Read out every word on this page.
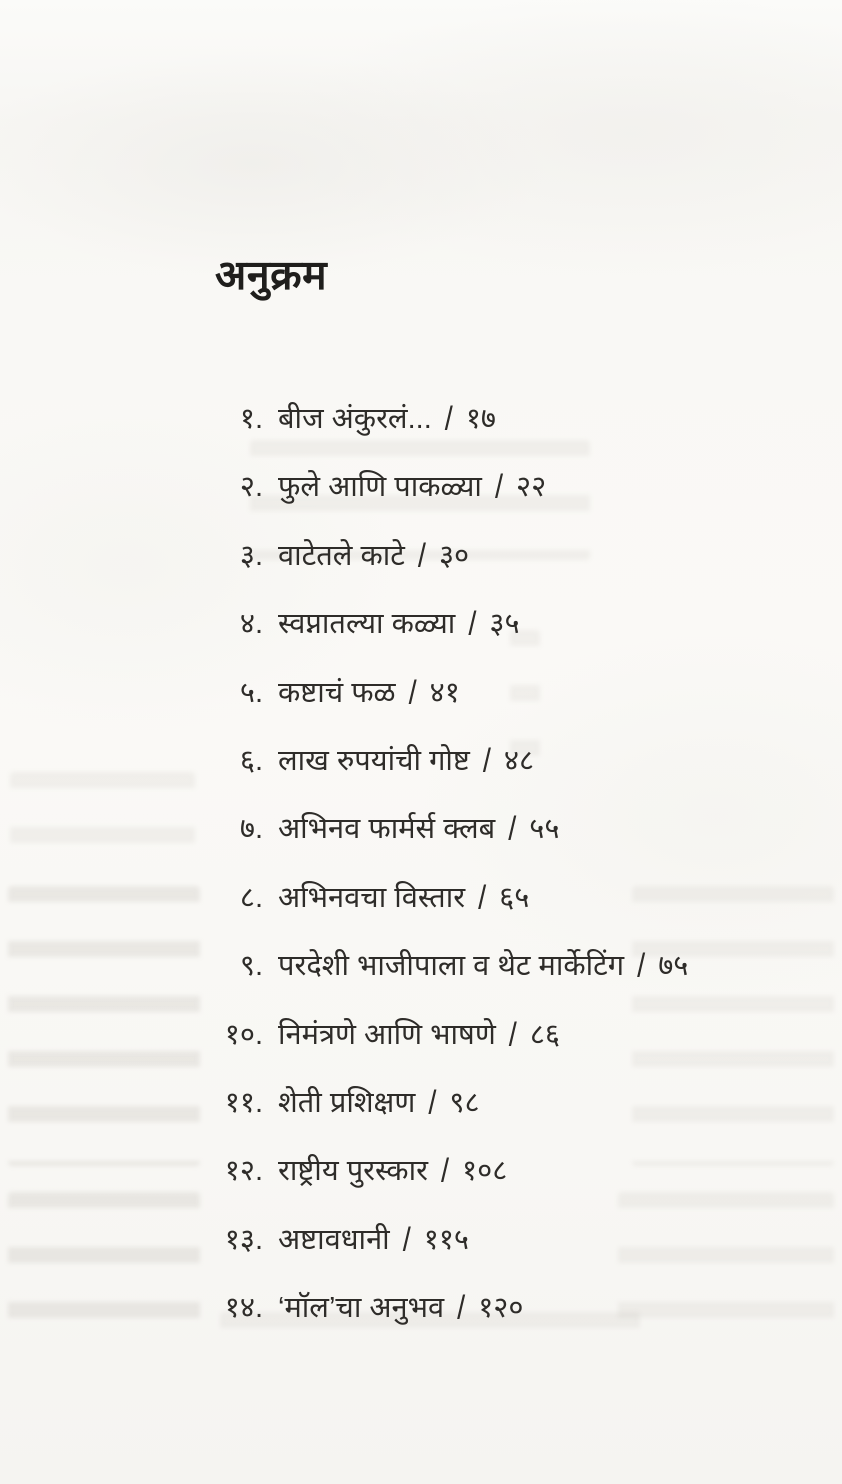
अनुक्रम
१. बीज अंकुरलं... / १७
२. फुले आणि पाकळ्या / २२
३. वाटेतले काटे / ३०
४. स्वप्नातल्या कळ्या / ३५
५. कष्टाचं फळ / ४१
६. लाख रुपयांची गोष्ट / ४८
७. अभिनव फार्मर्स क्लब / ५५
८. अभिनवचा विस्तार / ६५
९. परदेशी भाजीपाला व थेट मार्केटिंग / ७५
१०. निमंत्रणे आणि भाषणे / ८६
११. शेती प्रशिक्षण / ९८
१२. राष्ट्रीय पुरस्कार / १०८
१३. अष्टावधानी / ११५
१४. ‘मॉल’चा अनुभव / १२०
